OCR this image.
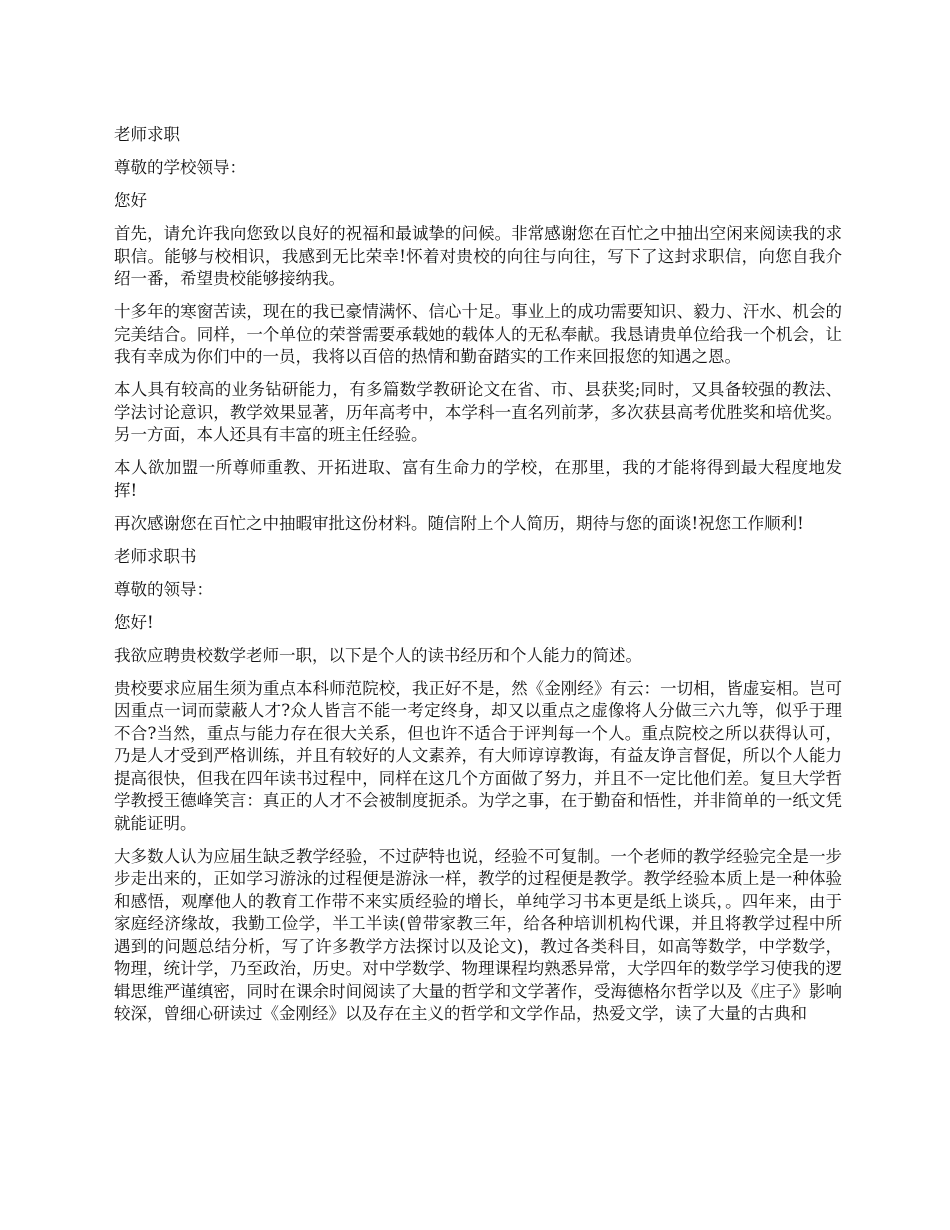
老师求职

尊敬的学校领导：

您好

首先，请允许我向您致以良好的祝福和最诚挚的问候。非常感谢您在百忙之中抽出空闲来阅读我的求职信。能够与校相识，我感到无比荣幸!怀着对贵校的向往与向往，写下了这封求职信，向您自我介绍一番，希望贵校能够接纳我。

十多年的寒窗苦读，现在的我已豪情满怀、信心十足。事业上的成功需要知识、毅力、汗水、机会的完美结合。同样，一个单位的荣誉需要承载她的载体人的无私奉献。我恳请贵单位给我一个机会，让我有幸成为你们中的一员，我将以百倍的热情和勤奋踏实的工作来回报您的知遇之恩。

本人具有较高的业务钻研能力，有多篇数学教研论文在省、市、县获奖;同时，又具备较强的教法、学法讨论意识，教学效果显著，历年高考中，本学科一直名列前茅，多次获县高考优胜奖和培优奖。另一方面，本人还具有丰富的班主任经验。

本人欲加盟一所尊师重教、开拓进取、富有生命力的学校，在那里，我的才能将得到最大程度地发挥!

再次感谢您在百忙之中抽暇审批这份材料。随信附上个人简历，期待与您的面谈!祝您工作顺利!

老师求职书

尊敬的领导：

您好!

我欲应聘贵校数学老师一职，以下是个人的读书经历和个人能力的简述。

贵校要求应届生须为重点本科师范院校，我正好不是，然《金刚经》有云：一切相，皆虚妄相。岂可因重点一词而蒙蔽人才?众人皆言不能一考定终身，却又以重点之虚像将人分做三六九等，似乎于理不合?当然，重点与能力存在很大关系，但也许不适合于评判每一个人。重点院校之所以获得认可，乃是人才受到严格训练，并且有较好的人文素养，有大师谆谆教诲，有益友诤言督促，所以个人能力提高很快，但我在四年读书过程中，同样在这几个方面做了努力，并且不一定比他们差。复旦大学哲学教授王德峰笑言：真正的人才不会被制度扼杀。为学之事，在于勤奋和悟性，并非简单的一纸文凭就能证明。

大多数人认为应届生缺乏教学经验，不过萨特也说，经验不可复制。一个老师的教学经验完全是一步步走出来的，正如学习游泳的过程便是游泳一样，教学的过程便是教学。教学经验本质上是一种体验和感悟，观摩他人的教育工作带不来实质经验的增长，单纯学习书本更是纸上谈兵，。四年来，由于家庭经济缘故，我勤工俭学，半工半读(曾带家教三年，给各种培训机构代课，并且将教学过程中所遇到的问题总结分析，写了许多教学方法探讨以及论文)，教过各类科目，如高等数学，中学数学，物理，统计学，乃至政治，历史。对中学数学、物理课程均熟悉异常，大学四年的数学学习使我的逻辑思维严谨缜密，同时在课余时间阅读了大量的哲学和文学著作，受海德格尔哲学以及《庄子》影响较深，曾细心研读过《金刚经》以及存在主义的哲学和文学作品，热爱文学，读了大量的古典和
